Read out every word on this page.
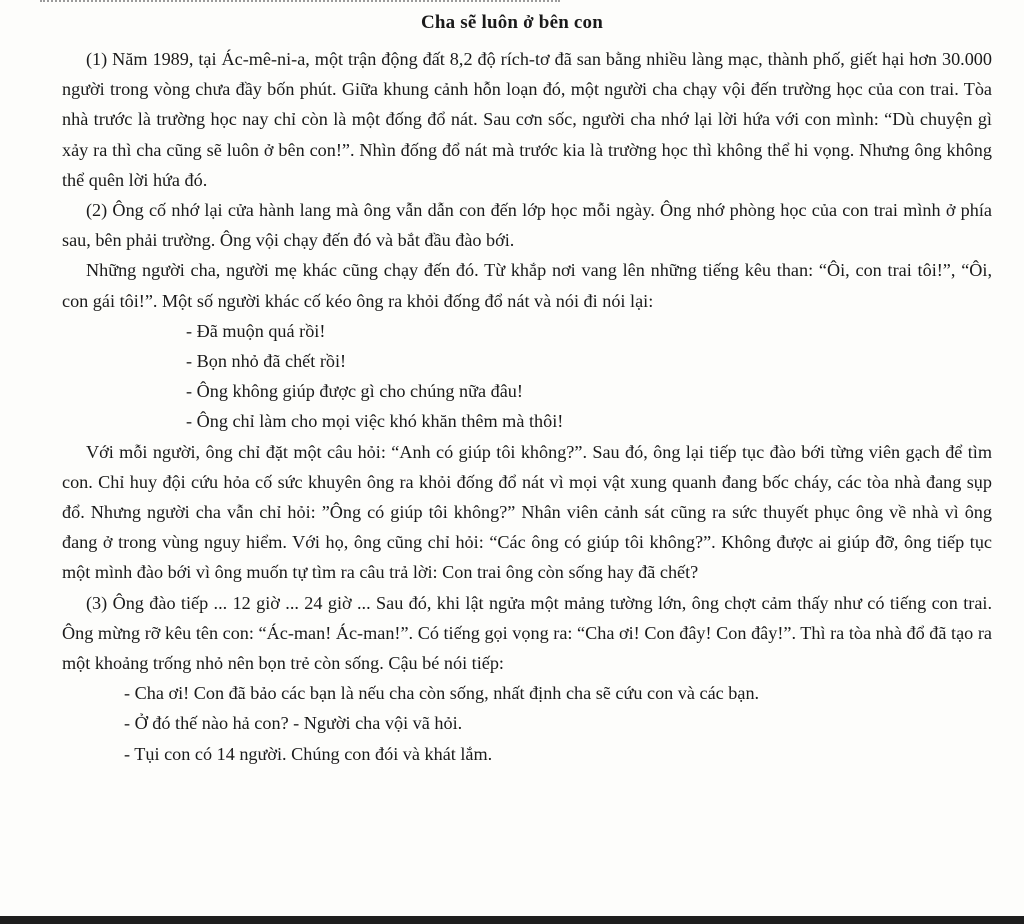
Cha sẽ luôn ở bên con

(1) Năm 1989, tại Ác-mê-ni-a, một trận động đất 8,2 độ rích-tơ đã san bằng nhiều làng mạc, thành phố, giết hại hơn 30.000 người trong vòng chưa đầy bốn phút. Giữa khung cảnh hỗn loạn đó, một người cha chạy vội đến trường học của con trai. Tòa nhà trước là trường học nay chỉ còn là một đống đổ nát. Sau cơn sốc, người cha nhớ lại lời hứa với con mình: “Dù chuyện gì xảy ra thì cha cũng sẽ luôn ở bên con!”. Nhìn đống đổ nát mà trước kia là trường học thì không thể hi vọng. Nhưng ông không thể quên lời hứa đó.

(2) Ông cố nhớ lại cửa hành lang mà ông vẫn dẫn con đến lớp học mỗi ngày. Ông nhớ phòng học của con trai mình ở phía sau, bên phải trường. Ông vội chạy đến đó và bắt đầu đào bới.

Những người cha, người mẹ khác cũng chạy đến đó. Từ khắp nơi vang lên những tiếng kêu than: “Ôi, con trai tôi!”, “Ôi, con gái tôi!”. Một số người khác cố kéo ông ra khỏi đống đổ nát và nói đi nói lại:

- Đã muộn quá rồi!
- Bọn nhỏ đã chết rồi!
- Ông không giúp được gì cho chúng nữa đâu!
- Ông chỉ làm cho mọi việc khó khăn thêm mà thôi!

Với mỗi người, ông chỉ đặt một câu hỏi: “Anh có giúp tôi không?”. Sau đó, ông lại tiếp tục đào bới từng viên gạch để tìm con. Chỉ huy đội cứu hỏa cố sức khuyên ông ra khỏi đống đổ nát vì mọi vật xung quanh đang bốc cháy, các tòa nhà đang sụp đổ. Nhưng người cha vẫn chỉ hỏi: ”Ông có giúp tôi không?” Nhân viên cảnh sát cũng ra sức thuyết phục ông về nhà vì ông đang ở trong vùng nguy hiểm. Với họ, ông cũng chỉ hỏi: “Các ông có giúp tôi không?”. Không được ai giúp đỡ, ông tiếp tục một mình đào bới vì ông muốn tự tìm ra câu trả lời: Con trai ông còn sống hay đã chết?

(3) Ông đào tiếp ... 12 giờ ... 24 giờ ... Sau đó, khi lật ngửa một mảng tường lớn, ông chợt cảm thấy như có tiếng con trai. Ông mừng rỡ kêu tên con: “Ác-man! Ác-man!”. Có tiếng gọi vọng ra: “Cha ơi! Con đây! Con đây!”. Thì ra tòa nhà đổ đã tạo ra một khoảng trống nhỏ nên bọn trẻ còn sống. Cậu bé nói tiếp:

- Cha ơi! Con đã bảo các bạn là nếu cha còn sống, nhất định cha sẽ cứu con và các bạn.
- Ở đó thế nào hả con? - Người cha vội vã hỏi.
- Tụi con có 14 người. Chúng con đói và khát lắm.
